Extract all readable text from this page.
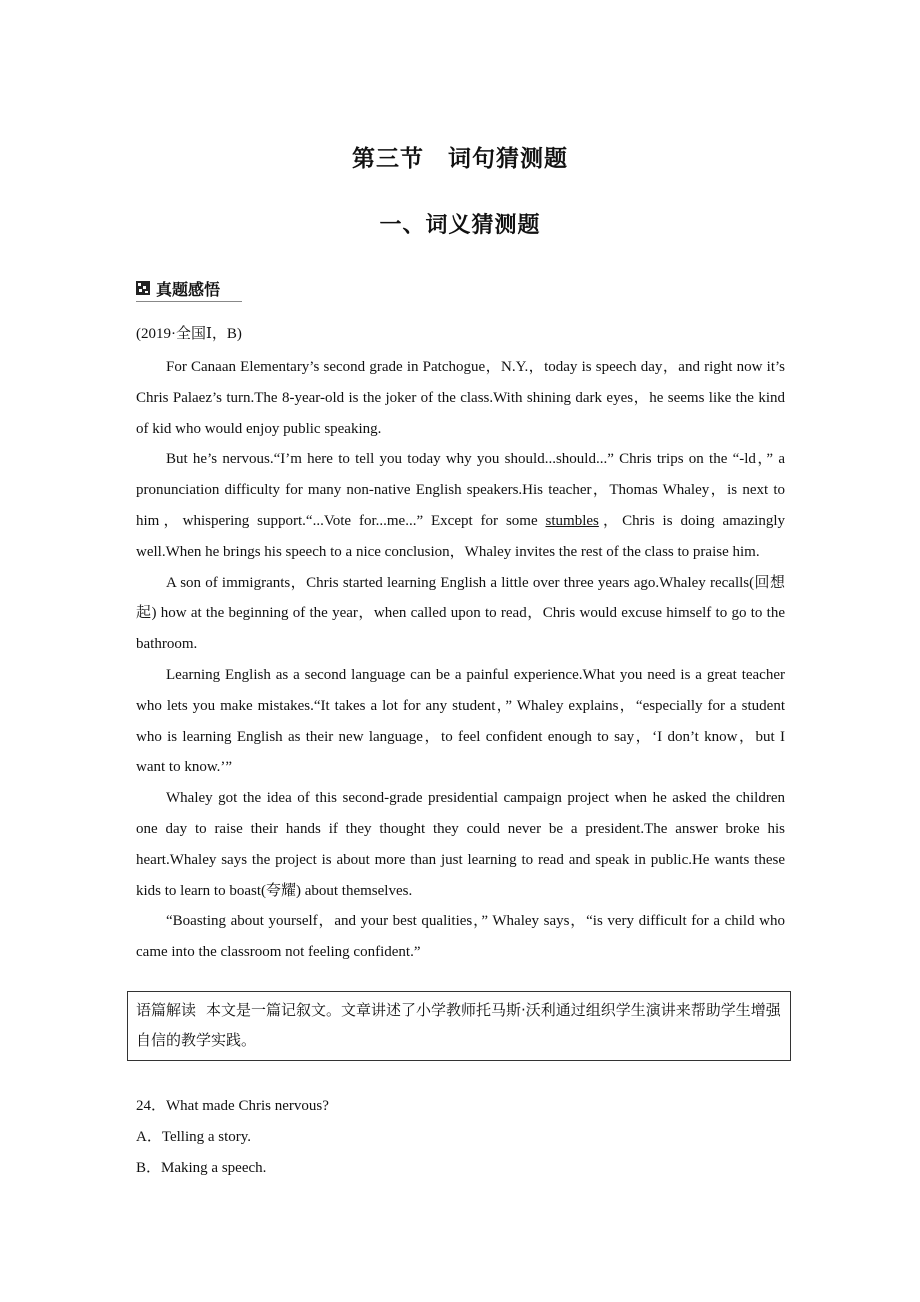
第三节　词句猜测题
一、词义猜测题
真题感悟
(2019·全国Ⅰ，B)

For Canaan Elementary’s second grade in Patchogue，N.Y.，today is speech day，and right now it’s Chris Palaez’s turn.The 8-year-old is the joker of the class.With shining dark eyes，he seems like the kind of kid who would enjoy public speaking.

But he’s nervous.“I’m here to tell you today why you should...should...” Chris trips on the “-ld，” a pronunciation difficulty for many non-native English speakers.His teacher，Thomas Whaley，is next to him，whispering support.“...Vote for...me...” Except for some stumbles，Chris is doing amazingly well.When he brings his speech to a nice conclusion，Whaley invites the rest of the class to praise him.

A son of immigrants，Chris started learning English a little over three years ago.Whaley recalls(回想起) how at the beginning of the year，when called upon to read，Chris would excuse himself to go to the bathroom.

Learning English as a second language can be a painful experience.What you need is a great teacher who lets you make mistakes.“It takes a lot for any student，” Whaley explains，“especially for a student who is learning English as their new language，to feel confident enough to say，‘I don’t know，but I want to know.’”

Whaley got the idea of this second-grade presidential campaign project when he asked the children one day to raise their hands if they thought they could never be a president.The answer broke his heart.Whaley says the project is about more than just learning to read and speak in public.He wants these kids to learn to boast(夸耀) about themselves.

“Boasting about yourself，and your best qualities，” Whaley says，“is very difficult for a child who came into the classroom not feeling confident.”

语篇解读 本文是一篇记叙文。文章讲述了小学教师托马斯·沃利通过组织学生演讲来帮助学生增强自信的教学实践。
24．What made Chris nervous?
A．Telling a story.
B．Making a speech.
